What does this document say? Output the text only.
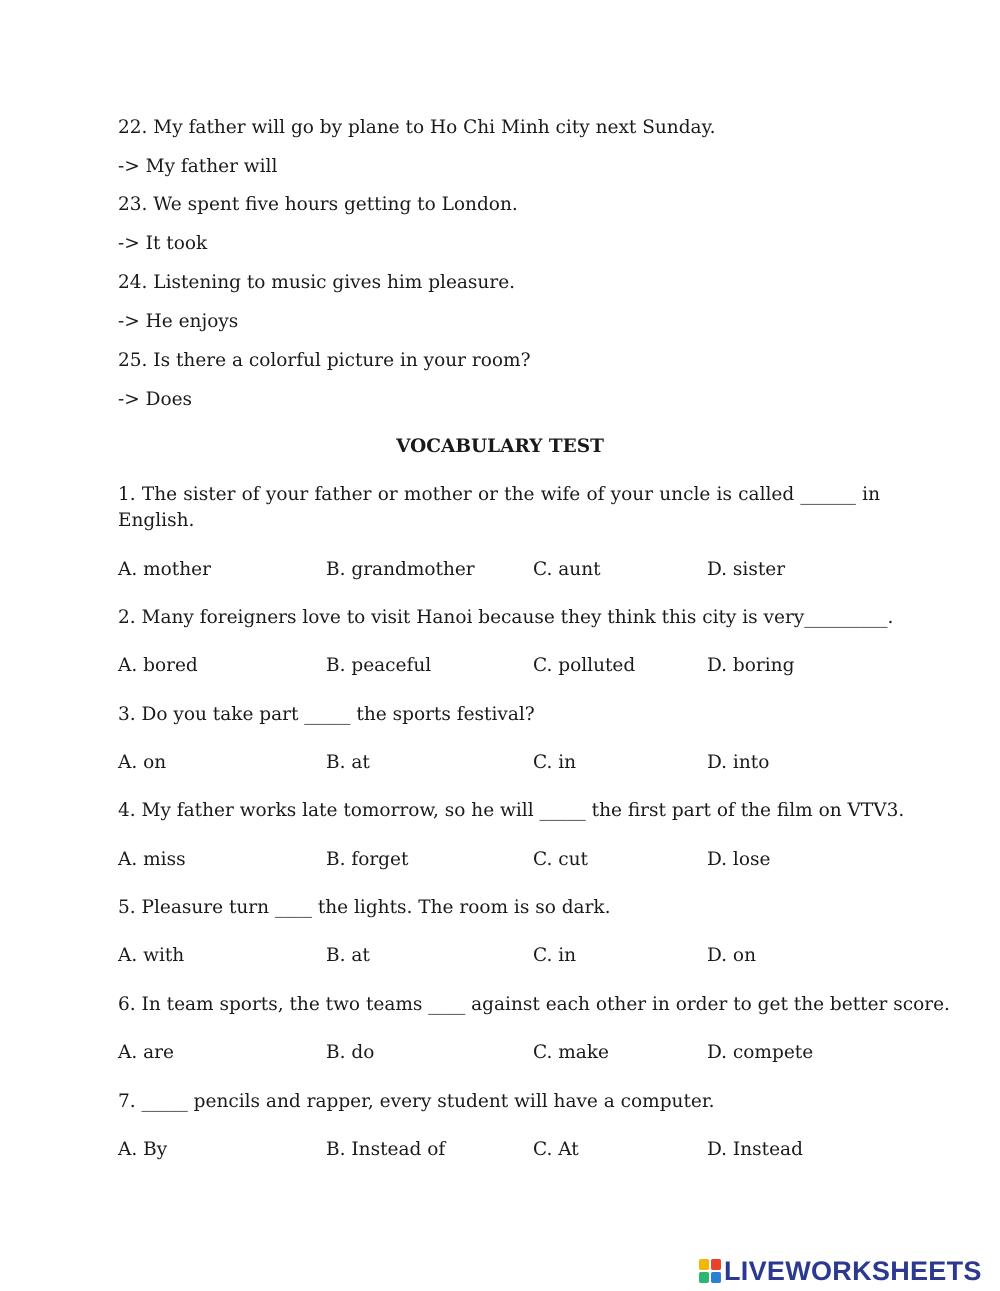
22. My father will go by plane to Ho Chi Minh city next Sunday.
-> My father will
23. We spent five hours getting to London.
-> It took
24. Listening to music gives him pleasure.
-> He enjoys
25. Is there a colorful picture in your room?
-> Does
VOCABULARY TEST
1. The sister of your father or mother or the wife of your uncle is called ______ in English.
A. mother	B. grandmother	C. aunt	D. sister
2. Many foreigners love to visit Hanoi because they think this city is very_________.
A. bored	B. peaceful	C. polluted	D. boring
3. Do you take part _____ the sports festival?
A. on	B. at	C. in	D. into
4. My father works late tomorrow, so he will _____ the first part of the film on VTV3.
A. miss	B. forget	C. cut	D. lose
5. Pleasure turn ____ the lights. The room is so dark.
A. with	B. at	C. in	D. on
6. In team sports, the two teams ____ against each other in order to get the better score.
A. are	B. do	C. make	D. compete
7. _____ pencils and rapper, every student will have a computer.
A. By	B. Instead of	C. At	D. Instead
LIVEWORKSHEETS
